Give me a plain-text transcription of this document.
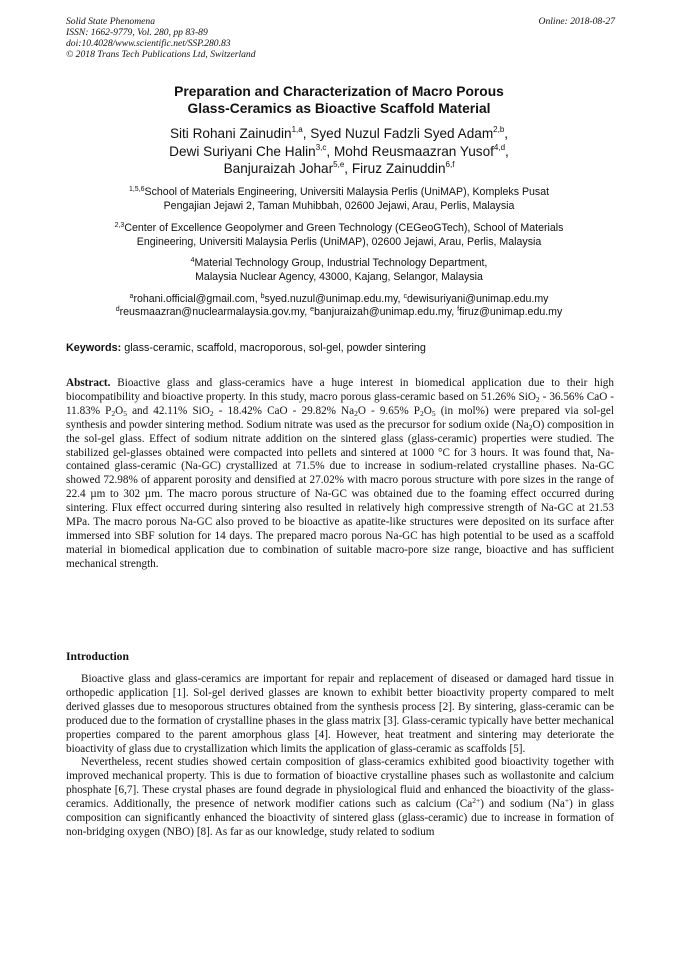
Solid State Phenomena
ISSN: 1662-9779, Vol. 280, pp 83-89
doi:10.4028/www.scientific.net/SSP.280.83
© 2018 Trans Tech Publications Ltd, Switzerland
Online: 2018-08-27
Preparation and Characterization of Macro Porous
Glass-Ceramics as Bioactive Scaffold Material
Siti Rohani Zainudin$^{1,a}$, Syed Nuzul Fadzli Syed Adam$^{2,b}$,
Dewi Suriyani Che Halin$^{3,c}$, Mohd Reusmaazran Yusof$^{4,d}$,
Banjuraizah Johar$^{5,e}$, Firuz Zainuddin$^{6,f}$
$^{1,5,6}$School of Materials Engineering, Universiti Malaysia Perlis (UniMAP), Kompleks Pusat
Pengajian Jejawi 2, Taman Muhibbah, 02600 Jejawi, Arau, Perlis, Malaysia
$^{2,3}$Center of Excellence Geopolymer and Green Technology (CEGeoGTech), School of Materials
Engineering, Universiti Malaysia Perlis (UniMAP), 02600 Jejawi, Arau, Perlis, Malaysia
$^4$Material Technology Group, Industrial Technology Department,
Malaysia Nuclear Agency, 43000, Kajang, Selangor, Malaysia
$^a$rohani.official@gmail.com, $^b$syed.nuzul@unimap.edu.my, $^c$dewisuriyani@unimap.edu.my
$^d$reusmaazran@nuclearmalaysia.gov.my, $^e$banjuraizah@unimap.edu.my, $^f$firuz@unimap.edu.my
Keywords: glass-ceramic, scaffold, macroporous, sol-gel, powder sintering
Abstract. Bioactive glass and glass-ceramics have a huge interest in biomedical application due to their high biocompatibility and bioactive property. In this study, macro porous glass-ceramic based on 51.26% SiO$_2$ - 36.56% CaO - 11.83% $P_2O_5$ and 42.11% SiO$_2$ - 18.42% CaO - 29.82% $Na_2O - 9.65\%$ $P_2O_5$ (in mol%) were prepared via sol-gel synthesis and powder sintering method. Sodium nitrate was used as the precursor for sodium oxide $(Na_2O)$ composition in the sol-gel glass. Effect of sodium nitrate addition on the sintered glass (glass-ceramic) properties were studied. The stabilized gel-glasses obtained were compacted into pellets and sintered at 1000 °C for 3 hours. It was found that, Na-contained glass-ceramic (Na-GC) crystallized at 71.5% due to increase in sodium-related crystalline phases. Na-GC showed 72.98% of apparent porosity and densified at 27.02% with macro porous structure with pore sizes in the range of 22.4 µm to 302 µm. The macro porous structure of Na-GC was obtained due to the foaming effect occurred during sintering. Flux effect occurred during sintering also resulted in relatively high compressive strength of Na-GC at 21.53 MPa. The macro porous Na-GC also proved to be bioactive as apatite-like structures were deposited on its surface after immersed into SBF solution for 14 days. The prepared macro porous Na-GC has high potential to be used as a scaffold material in biomedical application due to combination of suitable macro-pore size range, bioactive and has sufficient mechanical strength.
Introduction

Bioactive glass and glass-ceramics are important for repair and replacement of diseased or damaged hard tissue in orthopedic application [1]. Sol-gel derived glasses are known to exhibit better bioactivity property compared to melt derived glasses due to mesoporous structures obtained from the synthesis process [2]. By sintering, glass-ceramic can be produced due to the formation of crystalline phases in the glass matrix [3]. Glass-ceramic typically have better mechanical properties compared to the parent amorphous glass [4]. However, heat treatment and sintering may deteriorate the bioactivity of glass due to crystallization which limits the application of glass-ceramic as scaffolds [5].

Nevertheless, recent studies showed certain composition of glass-ceramics exhibited good bioactivity together with improved mechanical property. This is due to formation of bioactive crystalline phases such as wollastonite and calcium phosphate [6,7]. These crystal phases are found degrade in physiological fluid and enhanced the bioactivity of the glass-ceramics. Additionally, the presence of network modifier cations such as calcium $(Ca^{2+})$ and sodium (Na+) in glass composition can significantly enhanced the bioactivity of sintered glass (glass-ceramic) due to increase in formation of non-bridging oxygen (NBO) [8]. As far as our knowledge, study related to sodium
